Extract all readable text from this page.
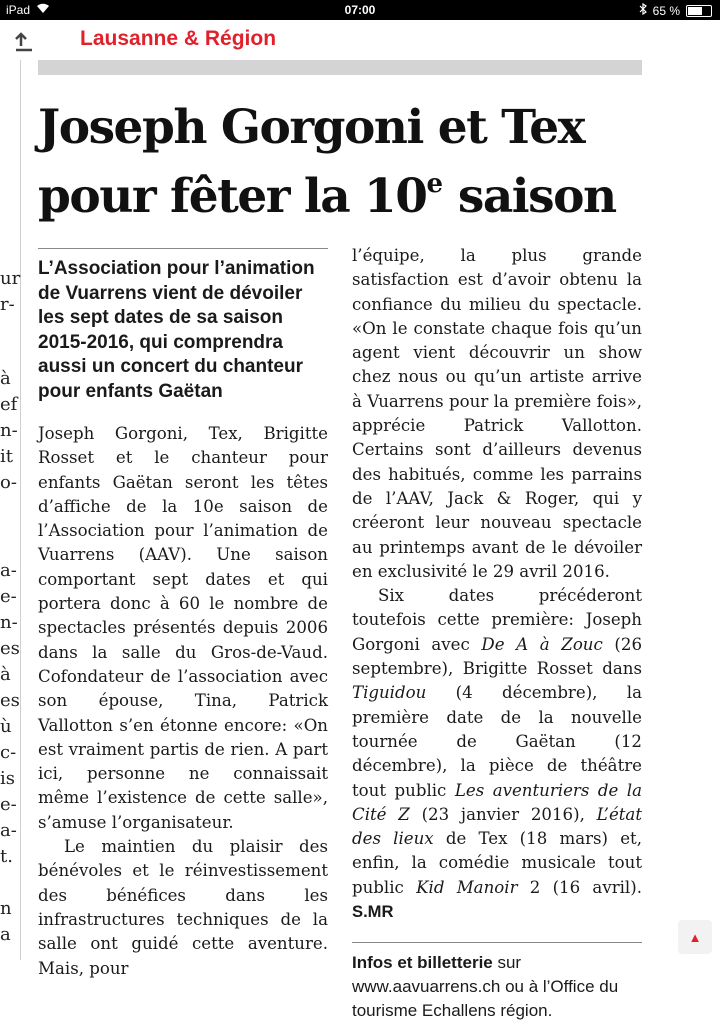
iPad	07:00	65 %
Lausanne & Région
ur
r-
à
ef
n-
it
o-
a-
e-
n-
es
à
es
ù
c-
is
e-
a-
t.
n
a
Joseph Gorgoni et Tex
pour fêter la 10e saison

L’Association pour l’animation de Vuarrens vient de dévoiler les sept dates de sa saison 2015-2016, qui comprendra aussi un concert du chanteur pour enfants Gaëtan

Joseph Gorgoni, Tex, Brigitte Rosset et le chanteur pour enfants Gaëtan seront les têtes d’affiche de la 10e saison de l’Association pour l’animation de Vuarrens (AAV). Une saison comportant sept dates et qui portera donc à 60 le nombre de spectacles présentés depuis 2006 dans la salle du Gros-de-Vaud. Cofondateur de l’association avec son épouse, Tina, Patrick Vallotton s’en étonne encore: «On est vraiment partis de rien. A part ici, personne ne connaissait même l’existence de cette salle», s’amuse l’organisateur.

Le maintien du plaisir des bénévoles et le réinvestissement des bénéfices dans les infrastructures techniques de la salle ont guidé cette aventure. Mais, pour

l’équipe, la plus grande satisfaction est d’avoir obtenu la confiance du milieu du spectacle. «On le constate chaque fois qu’un agent vient découvrir un show chez nous ou qu’un artiste arrive à Vuarrens pour la première fois», apprécie Patrick Vallotton. Certains sont d’ailleurs devenus des habitués, comme les parrains de l’AAV, Jack & Roger, qui y créeront leur nouveau spectacle au printemps avant de le dévoiler en exclusivité le 29 avril 2016.

Six dates précéderont toutefois cette première: Joseph Gorgoni avec De A à Zouc (26 septembre), Brigitte Rosset dans Tiguidou (4 décembre), la première date de la nouvelle tournée de Gaëtan (12 décembre), la pièce de théâtre tout public Les aventuriers de la Cité Z (23 janvier 2016), L’état des lieux de Tex (18 mars) et, enfin, la comédie musicale tout public Kid Manoir 2 (16 avril). S.MR

Infos et billetterie sur www.aavuarrens.ch ou à l’Office du tourisme Echallens région.
▲
